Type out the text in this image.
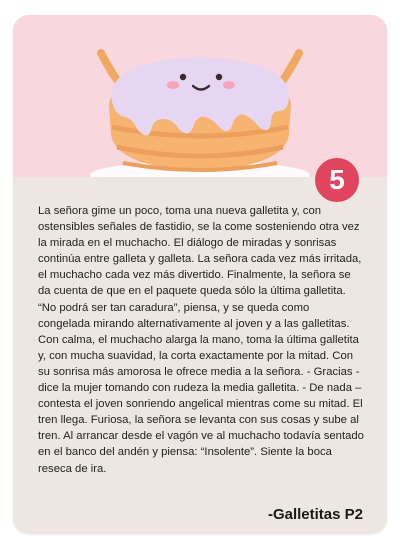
5

La señora gime un poco, toma una nueva galletita y, con ostensibles señales de fastidio, se la come sosteniendo otra vez la mirada en el muchacho. El diálogo de miradas y sonrisas continúa entre galleta y galleta. La señora cada vez más irritada, el muchacho cada vez más divertido. Finalmente, la señora se da cuenta de que en el paquete queda sólo la última galletita. “No podrá ser tan caradura”, piensa, y se queda como congelada mirando alternativamente al joven y a las galletitas. Con calma, el muchacho alarga la mano, toma la última galletita y, con mucha suavidad, la corta exactamente por la mitad. Con su sonrisa más amorosa le ofrece media a la señora. - Gracias - dice la mujer tomando con rudeza la media galletita. - De nada – contesta el joven sonriendo angelical mientras come su mitad. El tren llega. Furiosa, la señora se levanta con sus cosas y sube al tren. Al arrancar desde el vagón ve al muchacho todavía sentado en el banco del andén y piensa: “Insolente”. Siente la boca reseca de ira.

-Galletitas P2
